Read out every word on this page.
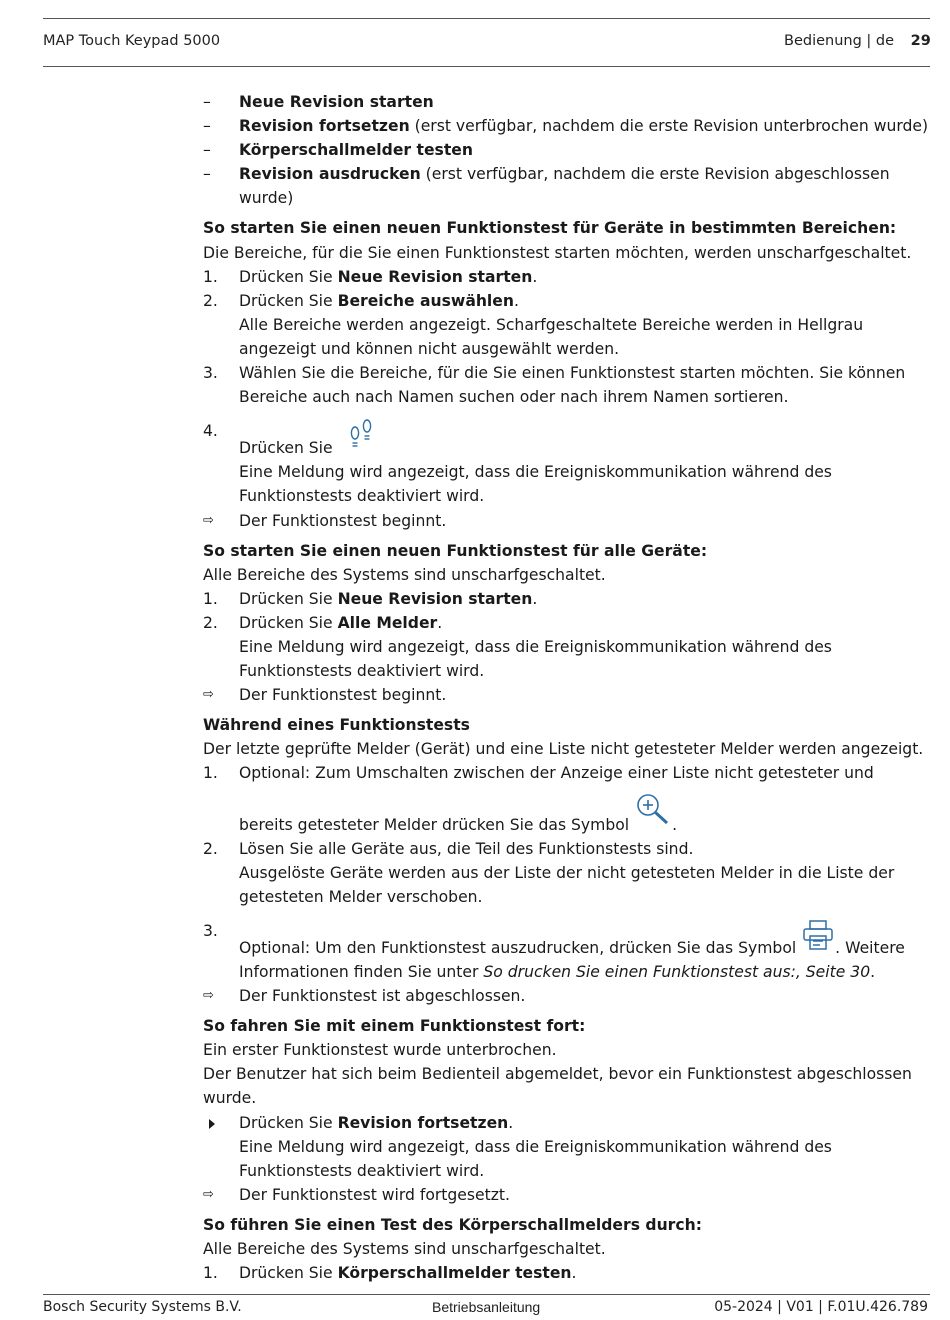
MAP Touch Keypad 5000	Bedienung | de 29
– Neue Revision starten
– Revision fortsetzen (erst verfügbar, nachdem die erste Revision unterbrochen wurde)
– Körperschallmelder testen
– Revision ausdrucken (erst verfügbar, nachdem die erste Revision abgeschlossen wurde)
So starten Sie einen neuen Funktionstest für Geräte in bestimmten Bereichen:
Die Bereiche, für die Sie einen Funktionstest starten möchten, werden unscharfgeschaltet.
1. Drücken Sie Neue Revision starten.
2. Drücken Sie Bereiche auswählen.
Alle Bereiche werden angezeigt. Scharfgeschaltete Bereiche werden in Hellgrau angezeigt und können nicht ausgewählt werden.
3. Wählen Sie die Bereiche, für die Sie einen Funktionstest starten möchten. Sie können Bereiche auch nach Namen suchen oder nach ihrem Namen sortieren.
4.
Drücken Sie
Eine Meldung wird angezeigt, dass die Ereigniskommunikation während des Funktionstests deaktiviert wird.
⇨ Der Funktionstest beginnt.
So starten Sie einen neuen Funktionstest für alle Geräte:
Alle Bereiche des Systems sind unscharfgeschaltet.
1. Drücken Sie Neue Revision starten.
2. Drücken Sie Alle Melder.
Eine Meldung wird angezeigt, dass die Ereigniskommunikation während des Funktionstests deaktiviert wird.
⇨ Der Funktionstest beginnt.
Während eines Funktionstests
Der letzte geprüfte Melder (Gerät) und eine Liste nicht getesteter Melder werden angezeigt.
1. Optional: Zum Umschalten zwischen der Anzeige einer Liste nicht getesteter und
bereits getesteter Melder drücken Sie das Symbol .
2. Lösen Sie alle Geräte aus, die Teil des Funktionstests sind.
Ausgelöste Geräte werden aus der Liste der nicht getesteten Melder in die Liste der getesteten Melder verschoben.
3.
Optional: Um den Funktionstest auszudrucken, drücken Sie das Symbol . Weitere
Informationen finden Sie unter So drucken Sie einen Funktionstest aus:, Seite 30.
⇨ Der Funktionstest ist abgeschlossen.
So fahren Sie mit einem Funktionstest fort:
Ein erster Funktionstest wurde unterbrochen.
Der Benutzer hat sich beim Bedienteil abgemeldet, bevor ein Funktionstest abgeschlossen wurde.
Drücken Sie Revision fortsetzen.
Eine Meldung wird angezeigt, dass die Ereigniskommunikation während des Funktionstests deaktiviert wird.
⇨ Der Funktionstest wird fortgesetzt.
So führen Sie einen Test des Körperschallmelders durch:
Alle Bereiche des Systems sind unscharfgeschaltet.
1. Drücken Sie Körperschallmelder testen.
Bosch Security Systems B.V.	Betriebsanleitung	05-2024 | V01 | F.01U.426.789
